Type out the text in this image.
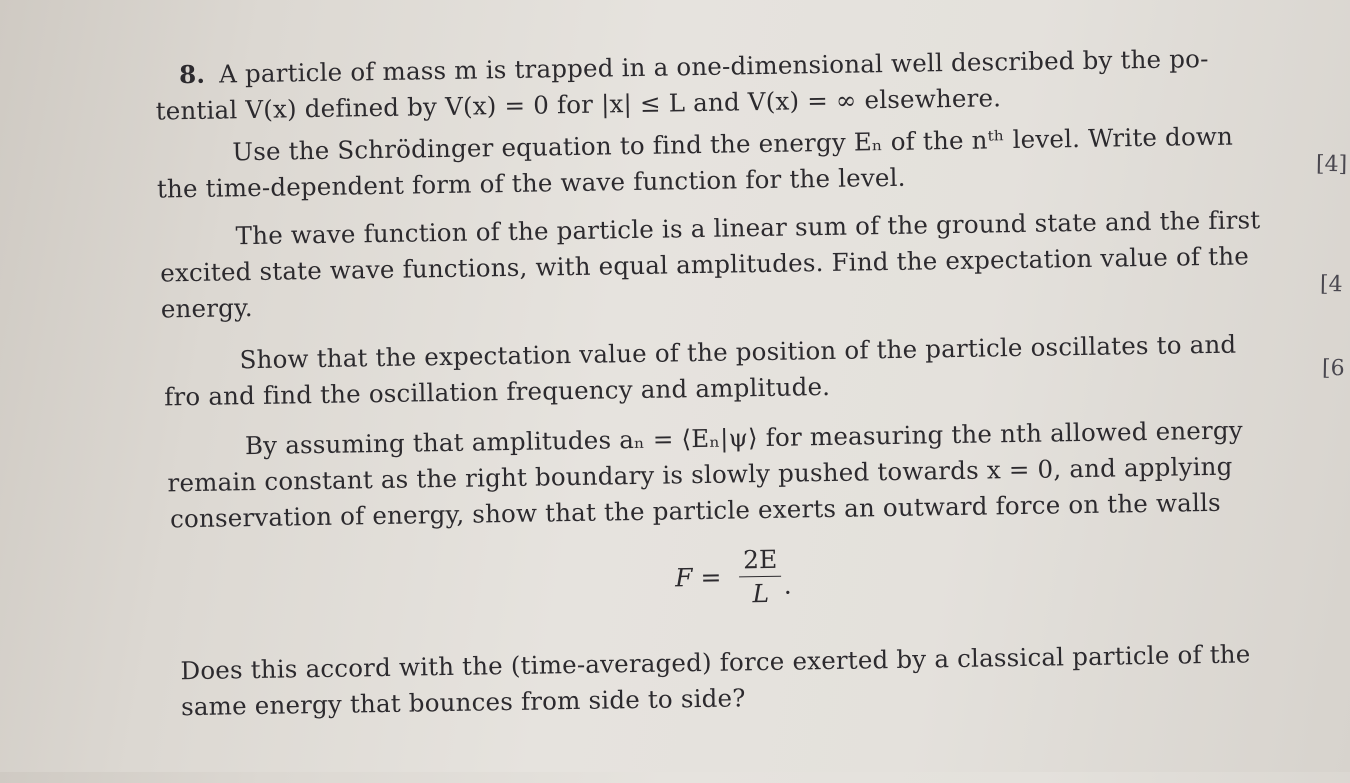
8. A particle of mass m is trapped in a one-dimensional well described by the po-
tential V(x) defined by V(x) = 0 for |x| ≤ L and V(x) = ∞ elsewhere.
Use the Schrödinger equation to find the energy Eₙ of the nᵗʰ level. Write down
the time-dependent form of the wave function for the level.
The wave function of the particle is a linear sum of the ground state and the first
excited state wave functions, with equal amplitudes. Find the expectation value of the
energy.
Show that the expectation value of the position of the particle oscillates to and
fro and find the oscillation frequency and amplitude.
By assuming that amplitudes aₙ = ⟨Eₙ|ψ⟩ for measuring the nth allowed energy
remain constant as the right boundary is slowly pushed towards x = 0, and applying
conservation of energy, show that the particle exerts an outward force on the walls
$F = \frac{2E}{L}$ .
Does this accord with the (time-averaged) force exerted by a classical particle of the
same energy that bounces from side to side?
[4]
[4
[6
